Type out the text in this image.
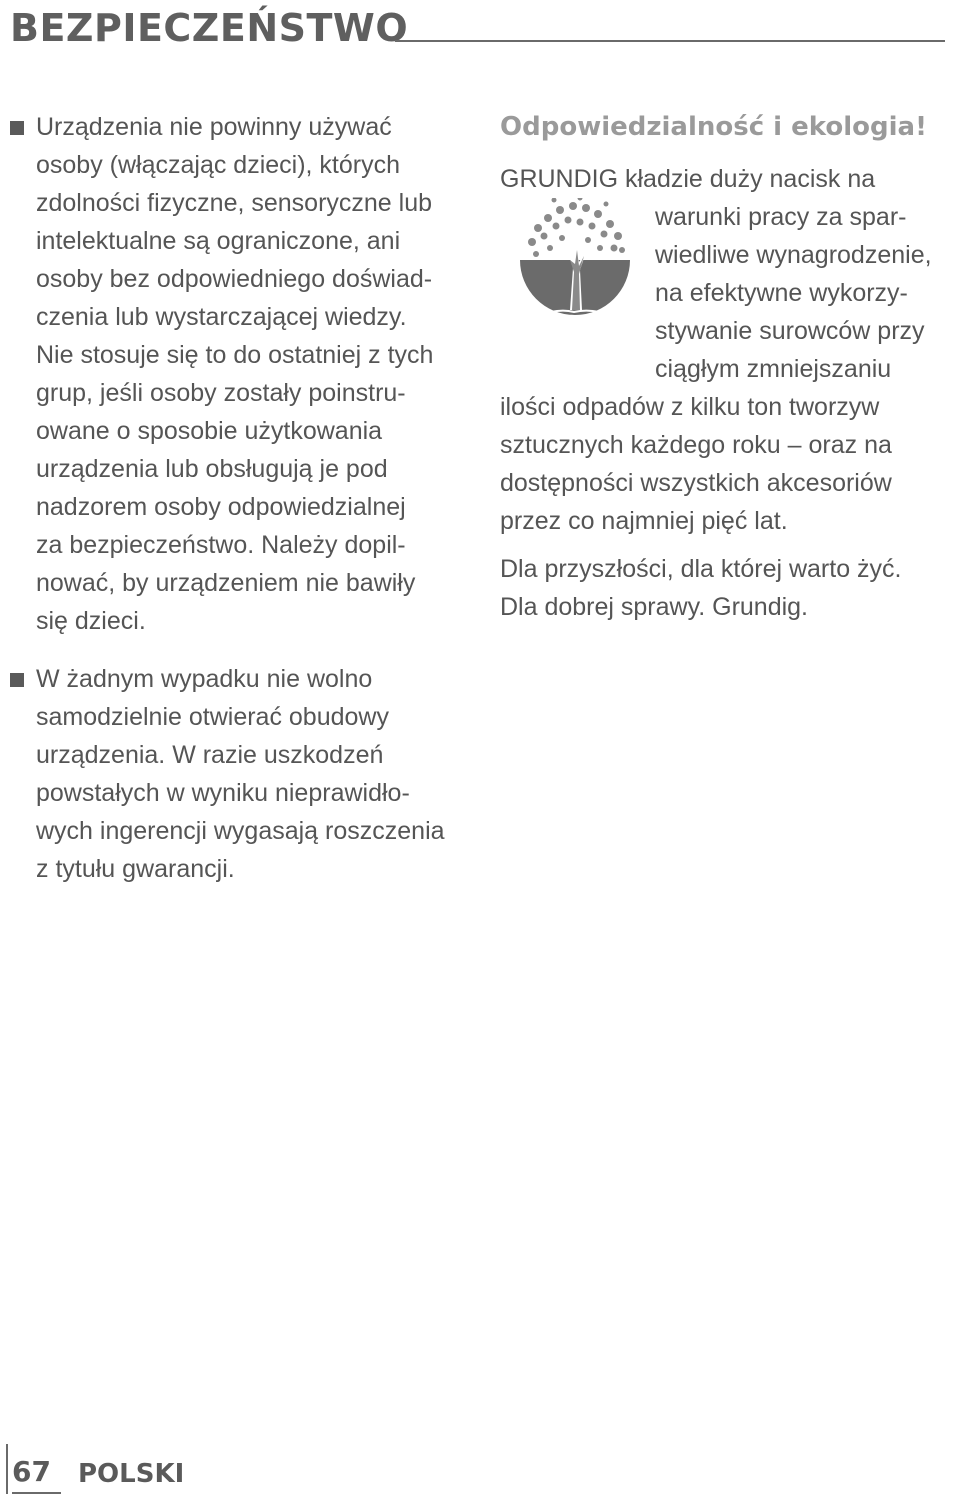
BEZPIECZEŃSTWO
Urządzenia nie powinny używać
osoby (włączając dzieci), których
zdolności fizyczne, sensoryczne lub
intelektualne są ograniczone, ani
osoby bez odpowiedniego doświad-
czenia lub wystarczającej wiedzy.
Nie stosuje się to do ostatniej z tych
grup, jeśli osoby zostały poinstru-
owane o sposobie użytkowania
urządzenia lub obsługują je pod
nadzorem osoby odpowiedzialnej
za bezpieczeństwo. Należy dopil-
nować, by urządzeniem nie bawiły
się dzieci.
W żadnym wypadku nie wolno
samodzielnie otwierać obudowy
urządzenia. W razie uszkodzeń
powstałych w wyniku nieprawidło-
wych ingerencji wygasają roszczenia
z tytułu gwarancji.
Odpowiedzialność i ekologia!

GRUNDIG kładzie duży nacisk na
warunki pracy za spar-
wiedliwe wynagrodzenie,
na efektywne wykorzy-
stywanie surowców przy
ciągłym zmniejszaniu
ilości odpadów z kilku ton tworzyw
sztucznych każdego roku – oraz na
dostępności wszystkich akcesoriów
przez co najmniej pięć lat.

Dla przyszłości, dla której warto żyć.
Dla dobrej sprawy. Grundig.

67	POLSKI
